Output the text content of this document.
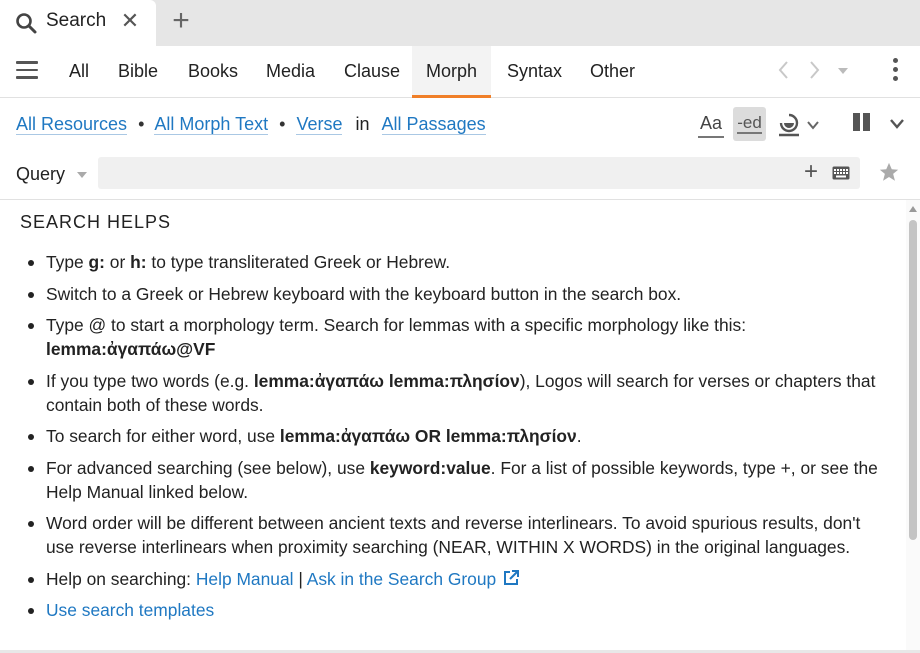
Search ✕ +
All	Bible	Books	Media	Clause	Morph	Syntax	Other
All Resources • All Morph Text • Verse in All Passages	Aa -ed
Query	+
SEARCH HELPS
Type g: or h: to type transliterated Greek or Hebrew.
Switch to a Greek or Hebrew keyboard with the keyboard button in the search box.
Type @ to start a morphology term. Search for lemmas with a specific morphology like this: lemma:ἀγαπάω@VF
If you type two words (e.g. lemma:ἀγαπάω lemma:πλησίον), Logos will search for verses or chapters that contain both of these words.
To search for either word, use lemma:ἀγαπάω OR lemma:πλησίον.
For advanced searching (see below), use keyword:value. For a list of possible keywords, type +, or see the Help Manual linked below.
Word order will be different between ancient texts and reverse interlinears. To avoid spurious results, don't use reverse interlinears when proximity searching (NEAR, WITHIN X WORDS) in the original languages.
Help on searching: Help Manual | Ask in the Search Group
Use search templates
